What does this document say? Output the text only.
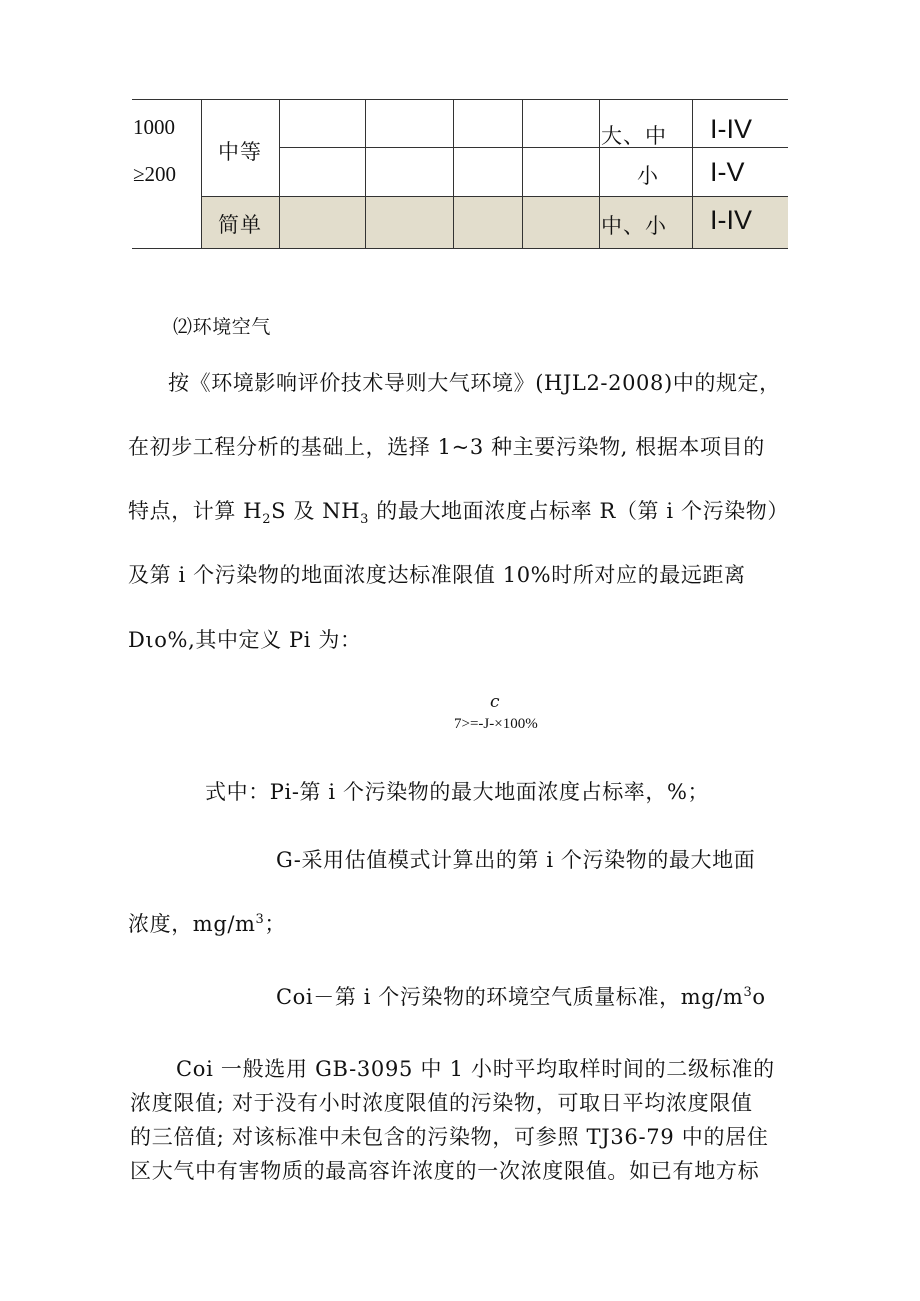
1000
≥200
中等
简单
大、中
小
中、小
I-IV
I-V
I-IV
⑵环境空气
按《环境影响评价技术导则大气环境》(HJL2-2008)中的规定，
在初步工程分析的基础上，选择 1~3 种主要污染物, 根据本项目的
特点，计算 $H_2S$ 及 $NH_3$ 的最大地面浓度占标率 R（第 i 个污染物）
及第 i 个污染物的地面浓度达标准限值 10%时所对应的最远距离
Dιo%,其中定义 Pi 为：
c
7>=-J-×100%
式中：Pi-第 i 个污染物的最大地面浓度占标率，%；
G-采用估值模式计算出的第 i 个污染物的最大地面
浓度，$mg/m^3$；
Coi－第 i 个污染物的环境空气质量标准，$mg∕m^3o$
Coi 一般选用 GB-3095 中 1 小时平均取样时间的二级标准的
浓度限值; 对于没有小时浓度限值的污染物，可取日平均浓度限值
的三倍值; 对该标准中未包含的污染物，可参照 TJ36-79 中的居住
区大气中有害物质的最高容许浓度的一次浓度限值。如已有地方标
